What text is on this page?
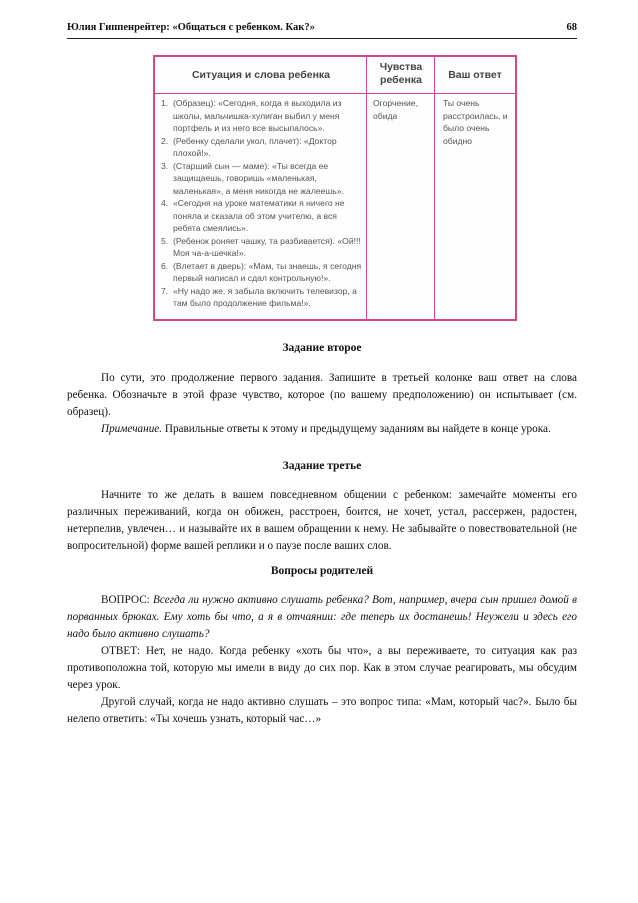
Юлия Гиппенрейтер: «Общаться с ребенком. Как?»	68
Ситуация и слова ребенка
Чувства ребенка	Ваш ответ
1. (Образец): «Сегодня, когда я выходила из школы, мальчишка-хулиган выбил у меня портфель и из него все высыпалось».
2. (Ребенку сделали укол, плачет): «Доктор плохой!».
3. (Старший сын — маме): «Ты всегда ее защищаешь, говоришь «маленькая, маленькая», а меня никогда не жалеешь».
4. «Сегодня на уроке математики я ничего не поняла и сказала об этом учителю, а вся ребята смеялись».
5. (Ребенок роняет чашку, та разбивается). «Ой!!! Моя ча-а-шечка!».
6. (Влетает в дверь): «Мам, ты знаешь, я сегодня первый написал и сдал контрольную!».
7. «Ну надо же, я забыла включить телевизор, а там было продолжение фильма!».
Огорчение, обида
Ты очень расстроилась, и было очень обидно
Задание второе

По сути, это продолжение первого задания. Запишите в третьей колонке ваш ответ на слова ребенка. Обозначьте в этой фразе чувство, которое (по вашему предположению) он испытывает (см. образец).

Примечание. Правильные ответы к этому и предыдущему заданиям вы найдете в конце урока.

Задание третье

Начните то же делать в вашем повседневном общении с ребенком: замечайте моменты его различных переживаний, когда он обижен, расстроен, боится, не хочет, устал, рассержен, радостен, нетерпелив, увлечен… и называйте их в вашем обращении к нему. Не забывайте о повествовательной (не вопросительной) форме вашей реплики и о паузе после ваших слов.

Вопросы родителей

ВОПРОС: Всегда ли нужно активно слушать ребенка? Вот, например, вчера сын пришел домой в порванных брюках. Ему хоть бы что, а я в отчаянии: где теперь их достанешь! Неужели и здесь его надо было активно слушать?

ОТВЕТ: Нет, не надо. Когда ребенку «хоть бы что», а вы переживаете, то ситуация как раз противоположна той, которую мы имели в виду до сих пор. Как в этом случае реагировать, мы обсудим через урок.

Другой случай, когда не надо активно слушать – это вопрос типа: «Мам, который час?». Было бы нелепо ответить: «Ты хочешь узнать, который час…»
